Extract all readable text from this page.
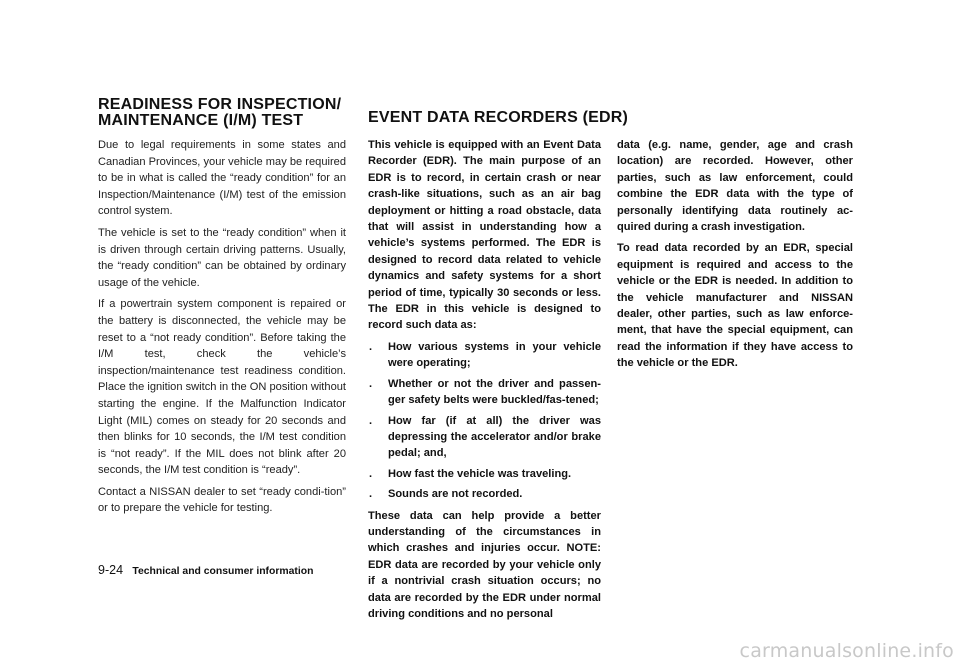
READINESS FOR INSPECTION/
MAINTENANCE (I/M) TEST

Due to legal requirements in some states and Canadian Provinces, your vehicle may be required to be in what is called the “ready condition” for an Inspection/Maintenance (I/M) test of the emission control system.

The vehicle is set to the “ready condition” when it is driven through certain driving patterns. Usually, the “ready condition” can be obtained by ordinary usage of the vehicle.

If a powertrain system component is repaired or the battery is disconnected, the vehicle may be reset to a “not ready condition”. Before taking the I/M test, check the vehicle’s inspection/maintenance test readiness condition. Place the ignition switch in the ON position without starting the engine. If the Malfunction Indicator Light (MIL) comes on steady for 20 seconds and then blinks for 10 seconds, the I/M test condition is “not ready”. If the MIL does not blink after 20 seconds, the I/M test condition is “ready”.

Contact a NISSAN dealer to set “ready condi-tion” or to prepare the vehicle for testing.

EVENT DATA RECORDERS (EDR)

This vehicle is equipped with an Event Data Recorder (EDR). The main purpose of an EDR is to record, in certain crash or near crash-like situations, such as an air bag deployment or hitting a road obstacle, data that will assist in understanding how a vehicle’s systems performed. The EDR is designed to record data related to vehicle dynamics and safety systems for a short period of time, typically 30 seconds or less. The EDR in this vehicle is designed to record such data as:

. How various systems in your vehicle were operating;
. Whether or not the driver and passen-ger safety belts were buckled/fas-tened;
. How far (if at all) the driver was depressing the accelerator and/or brake pedal; and,
. How fast the vehicle was traveling.
. Sounds are not recorded.

These data can help provide a better understanding of the circumstances in which crashes and injuries occur. NOTE: EDR data are recorded by your vehicle only if a nontrivial crash situation occurs; no data are recorded by the EDR under normal driving conditions and no personal

data (e.g. name, gender, age and crash location) are recorded. However, other parties, such as law enforcement, could combine the EDR data with the type of personally identifying data routinely ac-quired during a crash investigation.

To read data recorded by an EDR, special equipment is required and access to the vehicle or the EDR is needed. In addition to the vehicle manufacturer and NISSAN dealer, other parties, such as law enforce-ment, that have the special equipment, can read the information if they have access to the vehicle or the EDR.

9-24 Technical and consumer information
carmanualsonline.info
